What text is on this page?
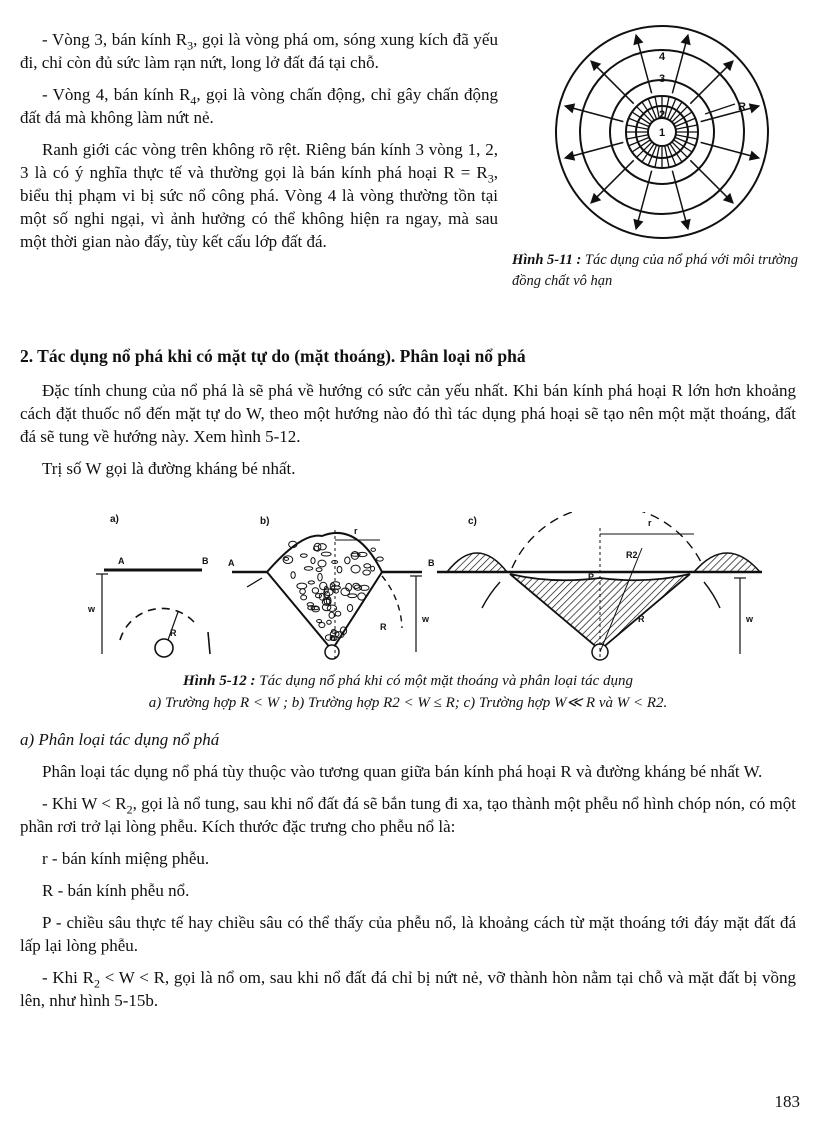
- Vòng 3, bán kính $R_3$, gọi là vòng phá om, sóng xung kích đã yếu đi, chỉ còn đủ sức làm rạn nứt, long lở đất đá tại chỗ.

- Vòng 4, bán kính $R_4$, gọi là vòng chấn động, chỉ gây chấn động đất đá mà không làm nứt nẻ.

Ranh giới các vòng trên không rõ rệt. Riêng bán kính 3 vòng 1, 2, 3 là có ý nghĩa thực tế và thường gọi là bán kính phá hoại $R = R_3$, biểu thị phạm vi bị sức nổ công phá. Vòng 4 là vòng thường tồn tại một số nghi ngại, vì ảnh hưởng có thể không hiện ra ngay, mà sau một thời gian nào đấy, tùy kết cấu lớp đất đá.

1
2
3
4
R
Hình 5-11 : Tác dụng của nổ phá với môi trường đồng chất vô hạn
2. Tác dụng nổ phá khi có mặt tự do (mặt thoáng). Phân loại nổ phá

Đặc tính chung của nổ phá là sẽ phá về hướng có sức cản yếu nhất. Khi bán kính phá hoại R lớn hơn khoảng cách đặt thuốc nổ đến mặt tự do W, theo một hướng nào đó thì tác dụng phá hoại sẽ tạo nên một mặt thoáng, đất đá sẽ tung về hướng này. Xem hình 5-12.

Trị số W gọi là đường kháng bé nhất.

a)	b)	c)
A	B
w
R
A	B
r
R
w
r
R2
P
R	w
Hình 5-12 : Tác dụng nổ phá khi có một mặt thoáng và phân loại tác dụng
a) Trường hợp R < W ; b) Trường hợp R2 < W ≤ R; c) Trường hợp W≪ R và W < R2.

a) Phân loại tác dụng nổ phá

Phân loại tác dụng nổ phá tùy thuộc vào tương quan giữa bán kính phá hoại R và đường kháng bé nhất W.

- Khi $W < R_2$, gọi là nổ tung, sau khi nổ đất đá sẽ bắn tung đi xa, tạo thành một phễu nổ hình chóp nón, có một phần rơi trở lại lòng phễu. Kích thước đặc trưng cho phễu nổ là:

r - bán kính miệng phễu.

R - bán kính phễu nổ.

P - chiều sâu thực tế hay chiều sâu có thể thấy của phễu nổ, là khoảng cách từ mặt thoáng tới đáy mặt đất đá lấp lại lòng phễu.

- Khi $R_2 < W < R$, gọi là nổ om, sau khi nổ đất đá chỉ bị nứt nẻ, vỡ thành hòn nằm tại chỗ và mặt đất bị vồng lên, như hình 5-15b.

183
